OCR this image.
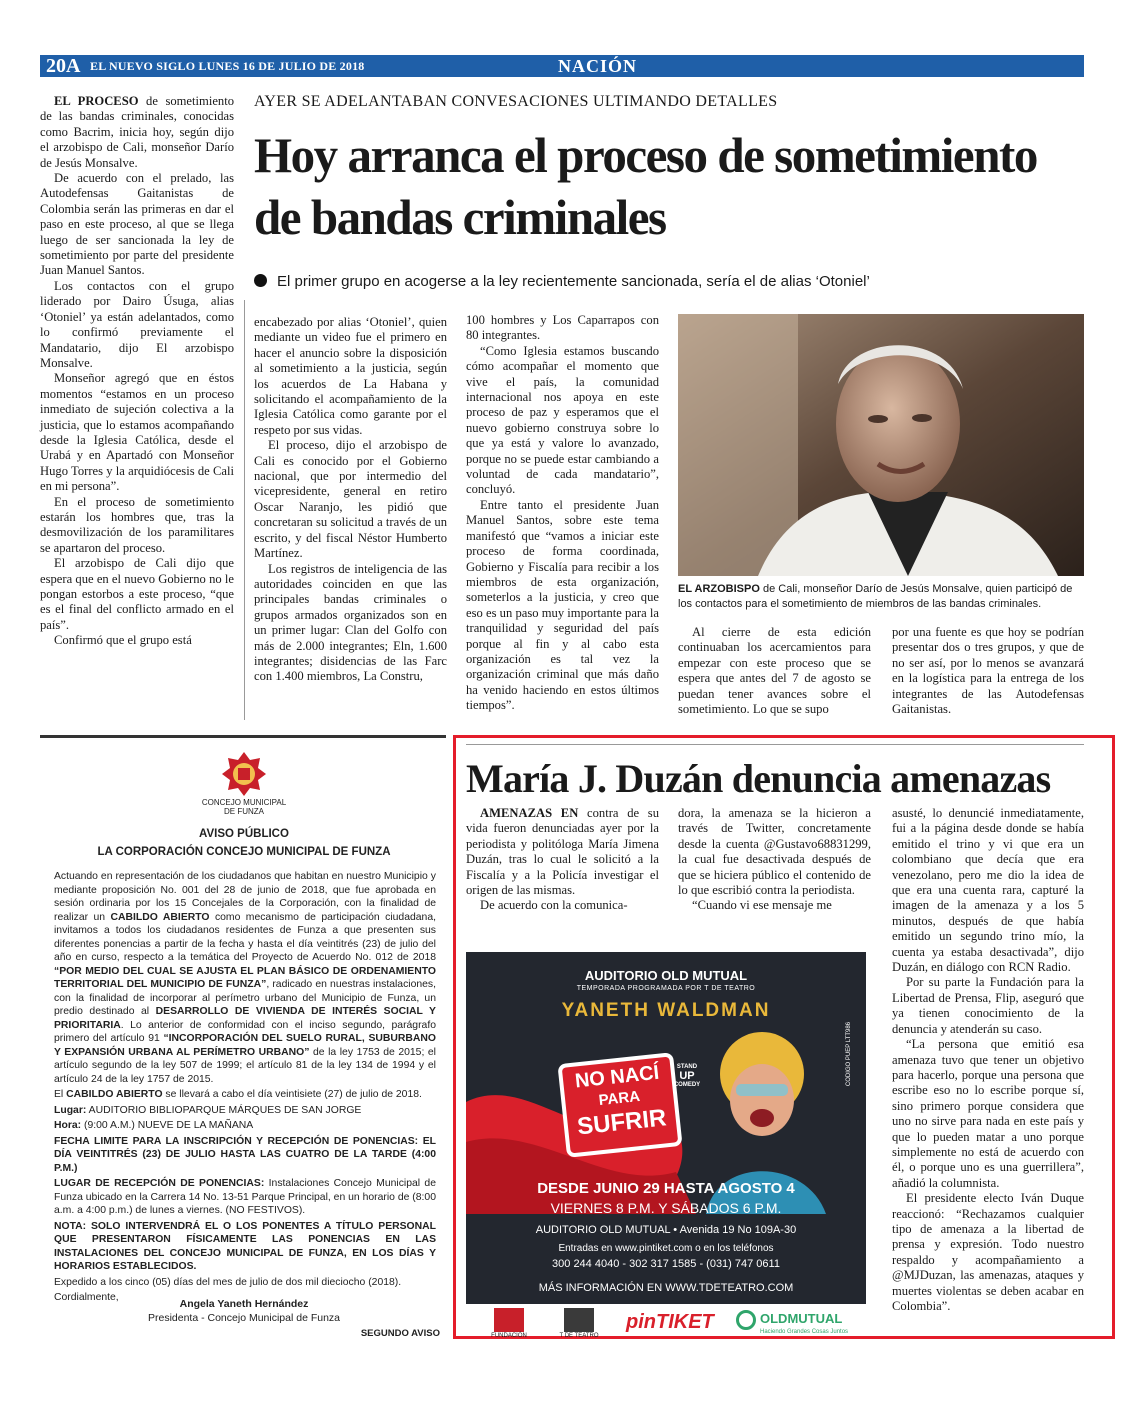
20A EL NUEVO SIGLO LUNES 16 DE JULIO DE 2018	NACIÓN
AYER SE ADELANTABAN CONVESACIONES ULTIMANDO DETALLES
Hoy arranca el proceso de sometimiento de bandas criminales
El primer grupo en acogerse a la ley recientemente sancionada, sería el de alias ‘Otoniel’

EL PROCESO de sometimiento de las bandas criminales, conocidas como Bacrim, inicia hoy, según dijo el arzobispo de Cali, monseñor Darío de Jesús Monsalve.

De acuerdo con el prelado, las Autodefensas Gaitanistas de Colombia serán las primeras en dar el paso en este proceso, al que se llega luego de ser sancionada la ley de sometimiento por parte del presidente Juan Manuel Santos.

Los contactos con el grupo liderado por Dairo Úsuga, alias ‘Otoniel’ ya están adelantados, como lo confirmó previamente el Mandatario, dijo El arzobispo Monsalve.

Monseñor agregó que en éstos momentos “estamos en un proceso inmediato de sujeción colectiva a la justicia, que lo estamos acompañando desde la Iglesia Católica, desde el Urabá y en Apartadó con Monseñor Hugo Torres y la arquidiócesis de Cali en mi persona”.

En el proceso de sometimiento estarán los hombres que, tras la desmovilización de los paramilitares se apartaron del proceso.

El arzobispo de Cali dijo que espera que en el nuevo Gobierno no le pongan estorbos a este proceso, “que es el final del conflicto armado en el país”.

Confirmó que el grupo está

encabezado por alias ‘Otoniel’, quien mediante un video fue el primero en hacer el anuncio sobre la disposición al sometimiento a la justicia, según los acuerdos de La Habana y solicitando el acompañamiento de la Iglesia Católica como garante por el respeto por sus vidas.

El proceso, dijo el arzobispo de Cali es conocido por el Gobierno nacional, que por intermedio del vicepresidente, general en retiro Oscar Naranjo, les pidió que concretaran su solicitud a través de un escrito, y del fiscal Néstor Humberto Martínez.

Los registros de inteligencia de las autoridades coinciden en que las principales bandas criminales o grupos armados organizados son en un primer lugar: Clan del Golfo con más de 2.000 integrantes; Eln, 1.600 integrantes; disidencias de las Farc con 1.400 miembros, La Constru,

100 hombres y Los Caparrapos con 80 integrantes.

“Como Iglesia estamos buscando cómo acompañar el momento que vive el país, la comunidad internacional nos apoya en este proceso de paz y esperamos que el nuevo gobierno construya sobre lo que ya está y valore lo avanzado, porque no se puede estar cambiando a voluntad de cada mandatario”, concluyó.

Entre tanto el presidente Juan Manuel Santos, sobre este tema manifestó que “vamos a iniciar este proceso de forma coordinada, Gobierno y Fiscalía para recibir a los miembros de esta organización, someterlos a la justicia, y creo que eso es un paso muy importante para la tranquilidad y seguridad del país porque al fin y al cabo esta organización es tal vez la organización criminal que más daño ha venido haciendo en estos últimos tiempos”.

Al cierre de esta edición continuaban los acercamientos para empezar con este proceso que se espera que antes del 7 de agosto se puedan tener avances sobre el sometimiento. Lo que se supo

por una fuente es que hoy se podrían presentar dos o tres grupos, y que de no ser así, por lo menos se avanzará en la logística para la entrega de los integrantes de las Autodefensas Gaitanistas.

EL ARZOBISPO de Cali, monseñor Darío de Jesús Monsalve, quien participó de los contactos para el sometimiento de miembros de las bandas criminales.
CONCEJO MUNICIPAL
DE FUNZA
AVISO PÚBLICO
LA CORPORACIÓN CONCEJO MUNICIPAL DE FUNZA

Actuando en representación de los ciudadanos que habitan en nuestro Municipio y mediante proposición No. 001 del 28 de junio de 2018, que fue aprobada en sesión ordinaria por los 15 Concejales de la Corporación, con la finalidad de realizar un CABILDO ABIERTO como mecanismo de participación ciudadana, invitamos a todos los ciudadanos residentes de Funza a que presenten sus diferentes ponencias a partir de la fecha y hasta el día veintitrés (23) de julio del año en curso, respecto a la temática del Proyecto de Acuerdo No. 012 de 2018 “POR MEDIO DEL CUAL SE AJUSTA EL PLAN BÁSICO DE ORDENAMIENTO TERRITORIAL DEL MUNICIPIO DE FUNZA”, radicado en nuestras instalaciones, con la finalidad de incorporar al perímetro urbano del Municipio de Funza, un predio destinado al DESARROLLO DE VIVIENDA DE INTERÉS SOCIAL Y PRIORITARIA. Lo anterior de conformidad con el inciso segundo, parágrafo primero del artículo 91 “INCORPORACIÓN DEL SUELO RURAL, SUBURBANO Y EXPANSIÓN URBANA AL PERÍMETRO URBANO” de la ley 1753 de 2015; el artículo segundo de la ley 507 de 1999; el artículo 81 de la ley 134 de 1994 y el artículo 24 de la ley 1757 de 2015.

El CABILDO ABIERTO se llevará a cabo el día veintisiete (27) de julio de 2018.

Lugar: AUDITORIO BIBLIOPARQUE MÁRQUES DE SAN JORGE

Hora: (9:00 A.M.) NUEVE DE LA MAÑANA

FECHA LIMITE PARA LA INSCRIPCIÓN Y RECEPCIÓN DE PONENCIAS: EL DÍA VEINTITRÉS (23) DE JULIO HASTA LAS CUATRO DE LA TARDE (4:00 P.M.)

LUGAR DE RECEPCIÓN DE PONENCIAS: Instalaciones Concejo Municipal de Funza ubicado en la Carrera 14 No. 13-51 Parque Principal, en un horario de (8:00 a.m. a 4:00 p.m.) de lunes a viernes. (NO FESTIVOS).

NOTA: SOLO INTERVENDRÁ EL O LOS PONENTES A TÍTULO PERSONAL QUE PRESENTARON FÍSICAMENTE LAS PONENCIAS EN LAS INSTALACIONES DEL CONCEJO MUNICIPAL DE FUNZA, EN LOS DÍAS Y HORARIOS ESTABLECIDOS.

Expedido a los cinco (05) días del mes de julio de dos mil dieciocho (2018).

Cordialmente,

Angela Yaneth Hernández
Presidenta - Concejo Municipal de Funza
SEGUNDO AVISO
María J. Duzán denuncia amenazas

AMENAZAS EN contra de su vida fueron denunciadas ayer por la periodista y politóloga María Jimena Duzán, tras lo cual le solicitó a la Fiscalía y a la Policía investigar el origen de las mismas.

De acuerdo con la comunica-

dora, la amenaza se la hicieron a través de Twitter, concretamente desde la cuenta @Gustavo68831299, la cual fue desactivada después de que se hiciera público el contenido de lo que escribió contra la periodista.

“Cuando vi ese mensaje me

asusté, lo denuncié inmediatamente, fui a la página desde donde se había emitido el trino y vi que era un colombiano que decía que era venezolano, pero me dio la idea de que era una cuenta rara, capturé la imagen de la amenaza y a los 5 minutos, después de que había emitido un segundo trino mío, la cuenta ya estaba desactivada”, dijo Duzán, en diálogo con RCN Radio.

Por su parte la Fundación para la Libertad de Prensa, Flip, aseguró que ya tienen conocimiento de la denuncia y atenderán su caso.

“La persona que emitió esa amenaza tuvo que tener un objetivo para hacerlo, porque una persona que escribe eso no lo escribe porque sí, sino primero porque considera que uno no sirve para nada en este país y que lo pueden matar a uno porque simplemente no está de acuerdo con él, o porque uno es una guerrillera”, añadió la columnista.

El presidente electo Iván Duque reaccionó: “Rechazamos cualquier tipo de amenaza a la libertad de prensa y expresión. Todo nuestro respaldo y acompañamiento a @MJDuzan, las amenazas, ataques y muertes violentas se deben acabar en Colombia”.

AUDITORIO OLD MUTUAL
TEMPORADA PROGRAMADA POR T DE TEATRO
YANETH WALDMAN
NO NACÍ
PARA
SUFRIR
STAND
UP
COMEDY	CÓDIGO PUEP LTT986
DESDE JUNIO 29 HASTA AGOSTO 4
VIERNES 8 P.M. Y SÁBADOS 6 P.M.
AUDITORIO OLD MUTUAL • Avenida 19 No 109A-30
Entradas en www.pintiket.com o en los teléfonos
300 244 4040 - 302 317 1585 - (031) 747 0611
MÁS INFORMACIÓN EN WWW.TDETEATRO.COM
FUNDACIÓN	T DE TEATRO
pinTIKET	OLDMUTUAL
Haciendo Grandes Cosas Juntos
